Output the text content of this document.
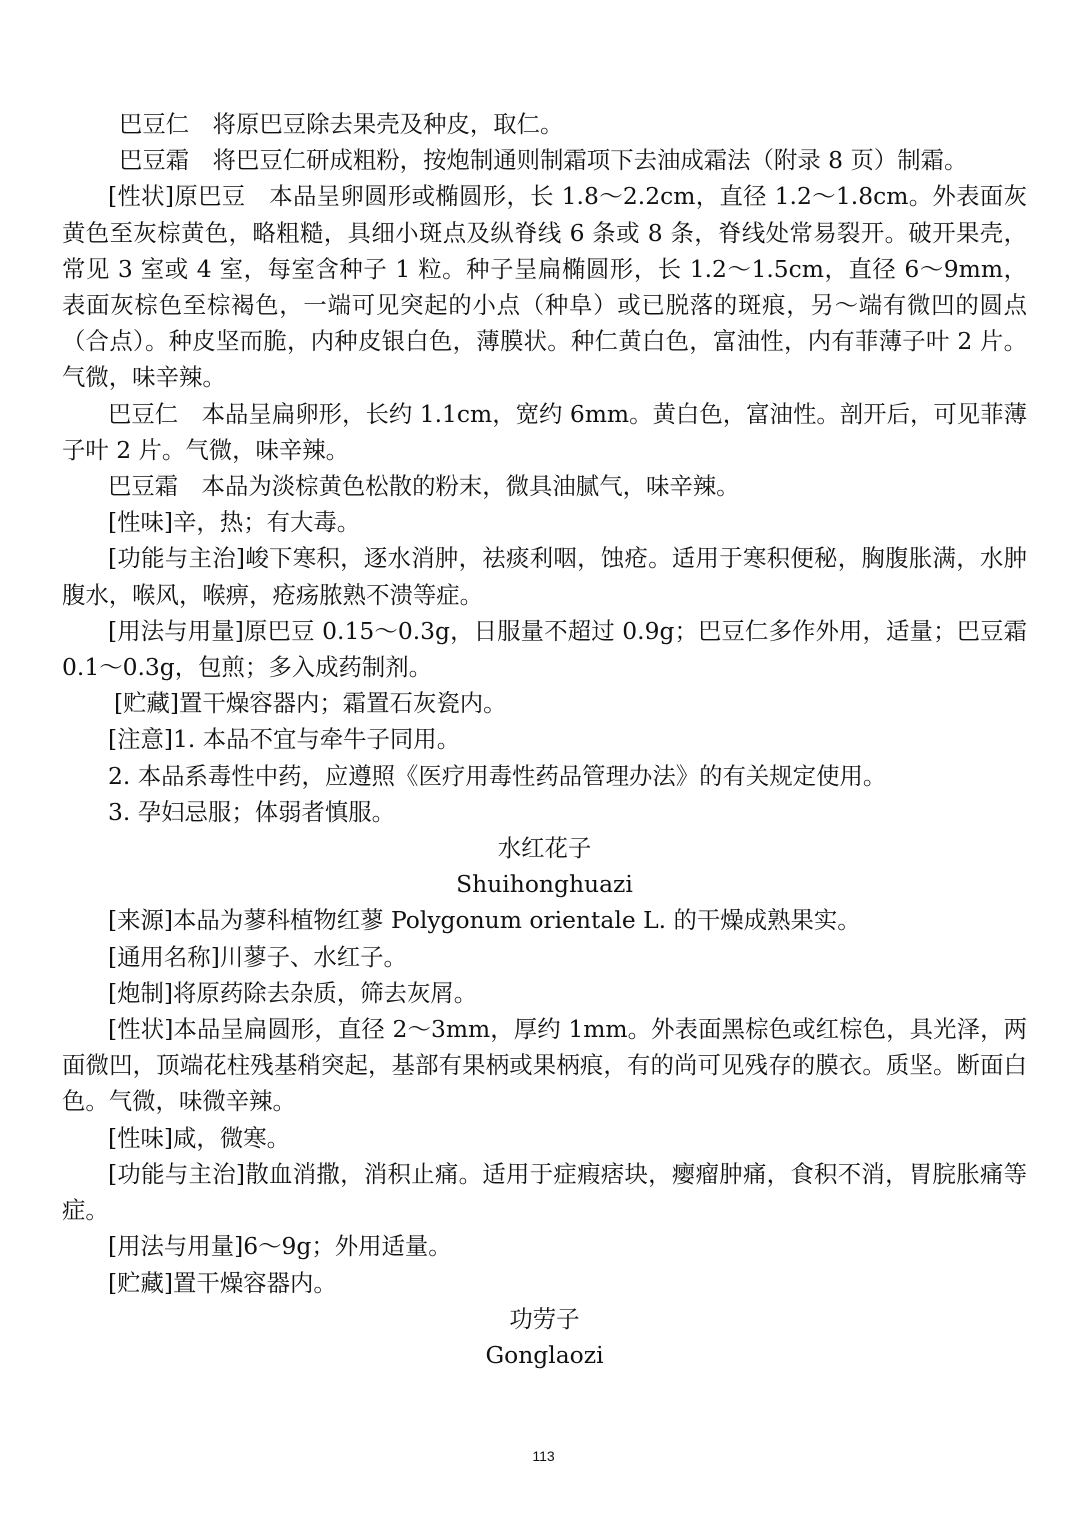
巴豆仁　将原巴豆除去果壳及种皮，取仁。

巴豆霜　将巴豆仁研成粗粉，按炮制通则制霜项下去油成霜法（附录 8 页）制霜。

[性状]原巴豆　本品呈卵圆形或椭圆形，长 1.8～2.2cm，直径 1.2～1.8cm。外表面灰黄色至灰棕黄色，略粗糙，具细小斑点及纵脊线 6 条或 8 条，脊线处常易裂开。破开果壳，常见 3 室或 4 室，每室含种子 1 粒。种子呈扁椭圆形，长 1.2～1.5cm，直径 6～9mm，表面灰棕色至棕褐色，一端可见突起的小点（种阜）或已脱落的斑痕，另～端有微凹的圆点（合点）。种皮坚而脆，内种皮银白色，薄膜状。种仁黄白色，富油性，内有菲薄子叶 2 片。气微，味辛辣。

巴豆仁　本品呈扁卵形，长约 1.1cm，宽约 6mm。黄白色，富油性。剖开后，可见菲薄子叶 2 片。气微，味辛辣。

巴豆霜　本品为淡棕黄色松散的粉末，微具油腻气，味辛辣。

[性味]辛，热；有大毒。

[功能与主治]峻下寒积，逐水消肿，祛痰利咽，蚀疮。适用于寒积便秘，胸腹胀满，水肿腹水，喉风，喉痹，疮疡脓熟不溃等症。

[用法与用量]原巴豆 0.15～0.3g，日服量不超过 0.9g；巴豆仁多作外用，适量；巴豆霜 0.1～0.3g，包煎；多入成药制剂。

[贮藏]置干燥容器内；霜置石灰瓷内。

[注意]1. 本品不宜与牵牛子同用。

2. 本品系毒性中药，应遵照《医疗用毒性药品管理办法》的有关规定使用。

3. 孕妇忌服；体弱者慎服。

水红花子

Shuihonghuazi

[来源]本品为蓼科植物红蓼 Polygonum orientale L. 的干燥成熟果实。

[通用名称]川蓼子、水红子。

[炮制]将原药除去杂质，筛去灰屑。

[性状]本品呈扁圆形，直径 2～3mm，厚约 1mm。外表面黑棕色或红棕色，具光泽，两面微凹，顶端花柱残基稍突起，基部有果柄或果柄痕，有的尚可见残存的膜衣。质坚。断面白色。气微，味微辛辣。

[性味]咸，微寒。

[功能与主治]散血消撒，消积止痛。适用于症瘕痞块，瘿瘤肿痛，食积不消，胃脘胀痛等症。

[用法与用量]6～9g；外用适量。

[贮藏]置干燥容器内。

功劳子

Gonglaozi

113
